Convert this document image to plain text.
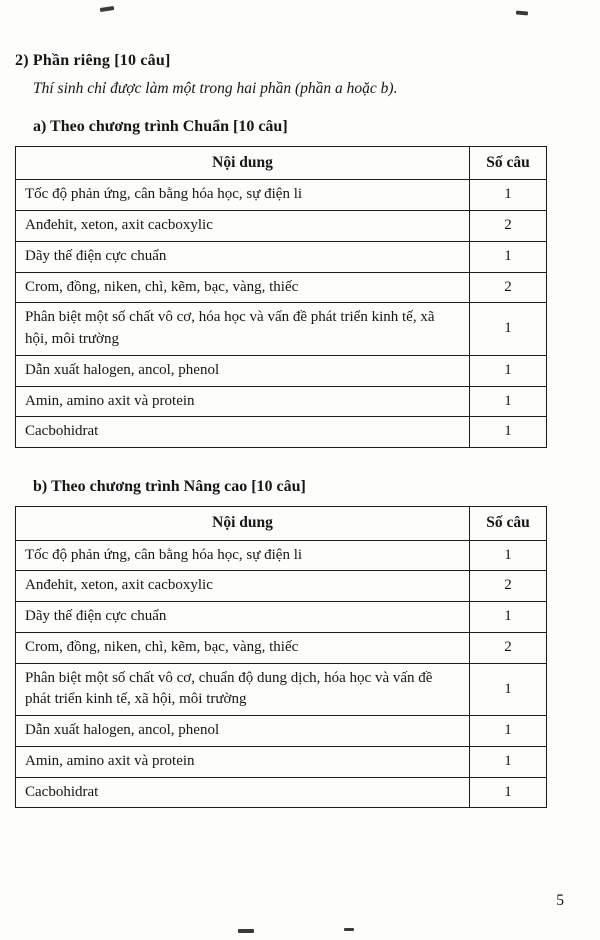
2) Phần riêng [10 câu]

Thí sinh chỉ được làm một trong hai phần (phần a hoặc b).

a) Theo chương trình Chuẩn [10 câu]
Nội dung	Số câu
Tốc độ phản ứng, cân bằng hóa học, sự điện li	1
Anđehit, xeton, axit cacboxylic	2
Dãy thế điện cực chuẩn	1
Crom, đồng, niken, chì, kẽm, bạc, vàng, thiếc	2
Phân biệt một số chất vô cơ, hóa học và vấn đề phát triển kinh tế, xã hội, môi trường	1
Dẫn xuất halogen, ancol, phenol	1
Amin, amino axit và protein	1
Cacbohidrat	1
b) Theo chương trình Nâng cao [10 câu]
Nội dung	Số câu
Tốc độ phản ứng, cân bằng hóa học, sự điện li	1
Anđehit, xeton, axit cacboxylic	2
Dãy thế điện cực chuẩn	1
Crom, đồng, niken, chì, kẽm, bạc, vàng, thiếc	2
Phân biệt một số chất vô cơ, chuẩn độ dung dịch, hóa học và vấn đề phát triển kinh tế, xã hội, môi trường	1
Dẫn xuất halogen, ancol, phenol	1
Amin, amino axit và protein	1
Cacbohidrat	1
5
